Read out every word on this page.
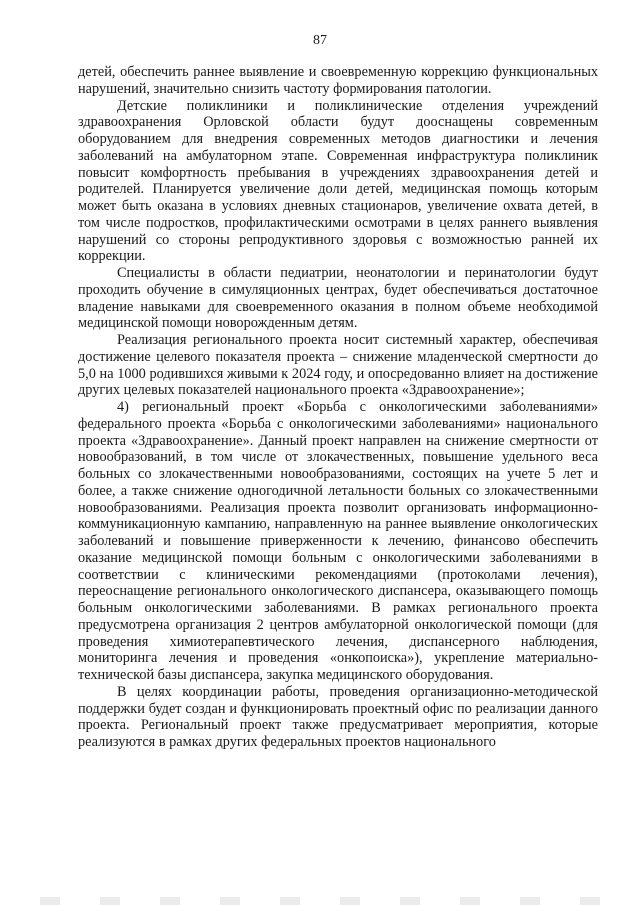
87

детей, обеспечить раннее выявление и своевременную коррекцию функциональных нарушений, значительно снизить частоту формирования патологии.

Детские поликлиники и поликлинические отделения учреждений здравоохранения Орловской области будут дооснащены современным оборудованием для внедрения современных методов диагностики и лечения заболеваний на амбулаторном этапе. Современная инфраструктура поликлиник повысит комфортность пребывания в учреждениях здравоохранения детей и родителей. Планируется увеличение доли детей, медицинская помощь которым может быть оказана в условиях дневных стационаров, увеличение охвата детей, в том числе подростков, профилактическими осмотрами в целях раннего выявления нарушений со стороны репродуктивного здоровья с возможностью ранней их коррекции.

Специалисты в области педиатрии, неонатологии и перинатологии будут проходить обучение в симуляционных центрах, будет обеспечиваться достаточное владение навыками для своевременного оказания в полном объеме необходимой медицинской помощи новорожденным детям.

Реализация регионального проекта носит системный характер, обеспечивая достижение целевого показателя проекта – снижение младенческой смертности до 5,0 на 1000 родившихся живыми к 2024 году, и опосредованно влияет на достижение других целевых показателей национального проекта «Здравоохранение»;

4) региональный проект «Борьба с онкологическими заболеваниями» федерального проекта «Борьба с онкологическими заболеваниями» национального проекта «Здравоохранение». Данный проект направлен на снижение смертности от новообразований, в том числе от злокачественных, повышение удельного веса больных со злокачественными новообразованиями, состоящих на учете 5 лет и более, а также снижение одногодичной летальности больных со злокачественными новообразованиями. Реализация проекта позволит организовать информационно-коммуникационную кампанию, направленную на раннее выявление онкологических заболеваний и повышение приверженности к лечению, финансово обеспечить оказание медицинской помощи больным с онкологическими заболеваниями в соответствии с клиническими рекомендациями (протоколами лечения), переоснащение регионального онкологического диспансера, оказывающего помощь больным онкологическими заболеваниями. В рамках регионального проекта предусмотрена организация 2 центров амбулаторной онкологической помощи (для проведения химиотерапевтического лечения, диспансерного наблюдения, мониторинга лечения и проведения «онкопоиска»), укрепление материально-технической базы диспансера, закупка медицинского оборудования.

В целях координации работы, проведения организационно-методической поддержки будет создан и функционировать проектный офис по реализации данного проекта. Региональный проект также предусматривает мероприятия, которые реализуются в рамках других федеральных проектов национального
